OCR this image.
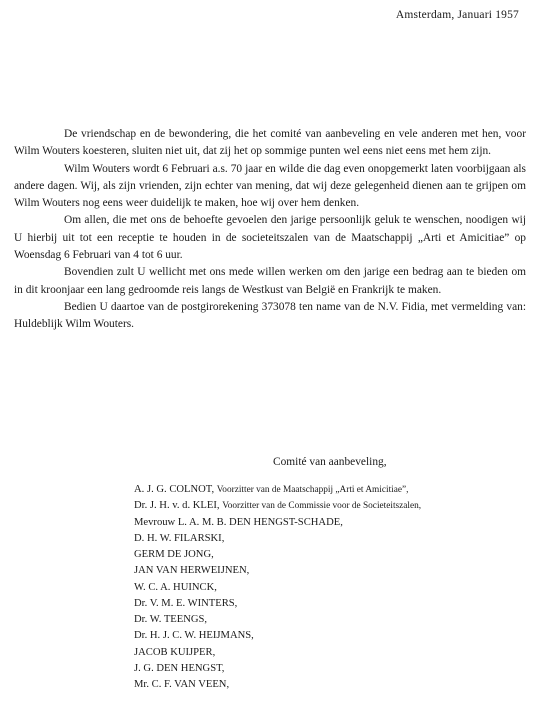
Amsterdam, Januari 1957

De vriendschap en de bewondering, die het comité van aanbeveling en vele anderen met hen, voor Wilm Wouters koesteren, sluiten niet uit, dat zij het op sommige punten wel eens niet eens met hem zijn.

Wilm Wouters wordt 6 Februari a.s. 70 jaar en wilde die dag even onopgemerkt laten voorbijgaan als andere dagen. Wij, als zijn vrienden, zijn echter van mening, dat wij deze gelegenheid dienen aan te grijpen om Wilm Wouters nog eens weer duidelijk te maken, hoe wij over hem denken.

Om allen, die met ons de behoefte gevoelen den jarige persoonlijk geluk te wenschen, noodigen wij U hierbij uit tot een receptie te houden in de societeitszalen van de Maatschappij „Arti et Amicitiae” op Woensdag 6 Februari van 4 tot 6 uur.

Bovendien zult U wellicht met ons mede willen werken om den jarige een bedrag aan te bieden om in dit kroonjaar een lang gedroomde reis langs de Westkust van België en Frankrijk te maken.

Bedien U daartoe van de postgirorekening 373078 ten name van de N.V. Fidia, met vermelding van: Huldeblijk Wilm Wouters.

Comité van aanbeveling,
A. J. G. COLNOT, Voorzitter van de Maatschappij „Arti et Amicitiae”,
Dr. J. H. v. d. KLEI, Voorzitter van de Commissie voor de Societeitszalen,
Mevrouw L. A. M. B. DEN HENGST-SCHADE,
D. H. W. FILARSKI,
GERM DE JONG,
JAN VAN HERWEIJNEN,
W. C. A. HUINCK,
Dr. V. M. E. WINTERS,
Dr. W. TEENGS,
Dr. H. J. C. W. HEIJMANS,
JACOB KUIJPER,
J. G. DEN HENGST,
Mr. C. F. VAN VEEN,
